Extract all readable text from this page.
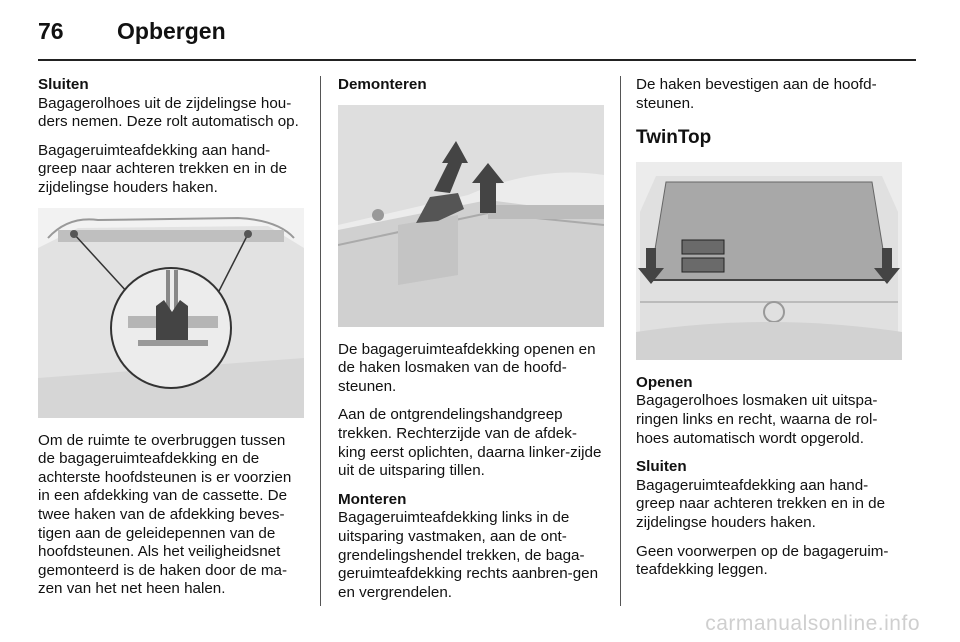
76 Opbergen
Sluiten

Bagagerolhoes uit de zijdelingse hou-ders nemen. Deze rolt automatisch op.

Bagageruimteafdekking aan hand-greep naar achteren trekken en in de zijdelingse houders haken.

Om de ruimte te overbruggen tussen de bagageruimteafdekking en de achterste hoofdsteunen is er voorzien in een afdekking van de cassette. De twee haken van de afdekking beves-tigen aan de geleidepennen van de hoofdsteunen. Als het veiligheidsnet gemonteerd is de haken door de ma-zen van het net heen halen.

Demonteren

De bagageruimteafdekking openen en de haken losmaken van de hoofd-steunen.

Aan de ontgrendelingshandgreep trekken. Rechterzijde van de afdek-king eerst oplichten, daarna linker-zijde uit de uitsparing tillen.

Monteren

Bagageruimteafdekking links in de uitsparing vastmaken, aan de ont-grendelingshendel trekken, de baga-geruimteafdekking rechts aanbren-gen en vergrendelen.

De haken bevestigen aan de hoofd-steunen.

TwinTop
Openen

Bagagerolhoes losmaken uit uitspa-ringen links en recht, waarna de rol-hoes automatisch wordt opgerold.

Sluiten

Bagageruimteafdekking aan hand-greep naar achteren trekken en in de zijdelingse houders haken.

Geen voorwerpen op de bagageruim-teafdekking leggen.

carmanualsonline.info
